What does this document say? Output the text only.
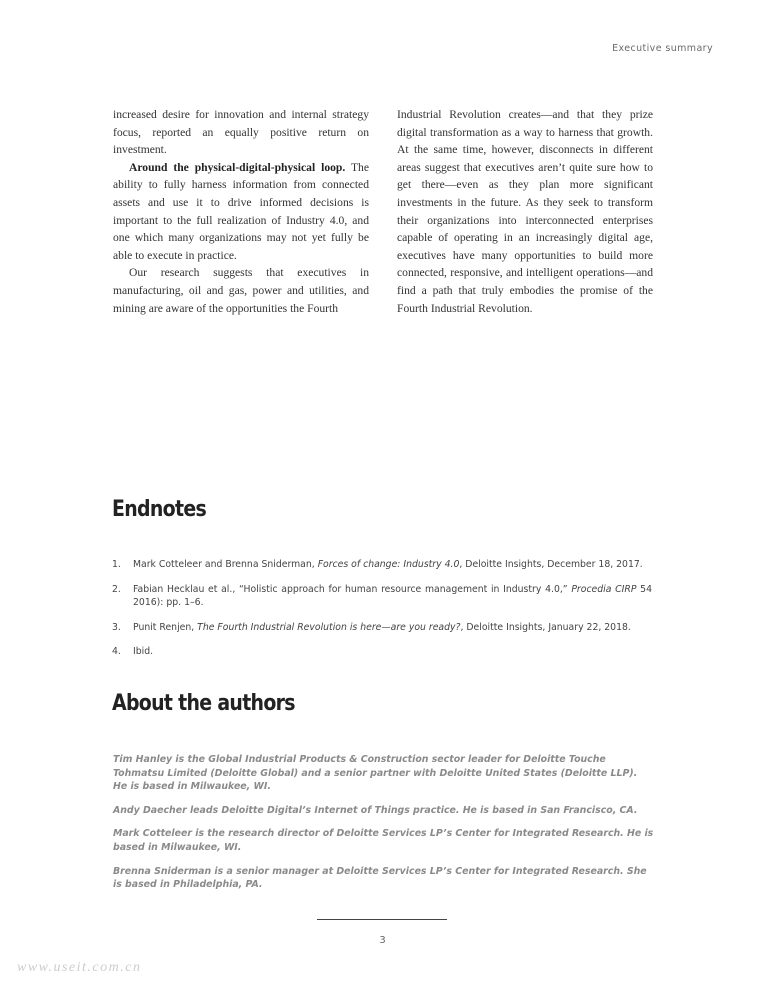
Executive summary

increased desire for innovation and internal strategy focus, reported an equally positive return on investment.

Around the physical-digital-physical loop. The ability to fully harness information from connected assets and use it to drive informed decisions is important to the full realization of Industry 4.0, and one which many organizations may not yet fully be able to execute in practice.

Our research suggests that executives in manufacturing, oil and gas, power and utilities, and mining are aware of the opportunities the Fourth

Industrial Revolution creates—and that they prize digital transformation as a way to harness that growth. At the same time, however, disconnects in different areas suggest that executives aren’t quite sure how to get there—even as they plan more significant investments in the future. As they seek to transform their organizations into interconnected enterprises capable of operating in an increasingly digital age, executives have many opportunities to build more connected, responsive, and intelligent operations—and find a path that truly embodies the promise of the Fourth Industrial Revolution.

Endnotes
1. Mark Cotteleer and Brenna Sniderman, Forces of change: Industry 4.0, Deloitte Insights, December 18, 2017.
2. Fabian Hecklau et al., “Holistic approach for human resource management in Industry 4.0,” Procedia CIRP 54 2016): pp. 1–6.
3. Punit Renjen, The Fourth Industrial Revolution is here—are you ready?, Deloitte Insights, January 22, 2018.
4. Ibid.
About the authors

Tim Hanley is the Global Industrial Products & Construction sector leader for Deloitte Touche Tohmatsu Limited (Deloitte Global) and a senior partner with Deloitte United States (Deloitte LLP).
He is based in Milwaukee, WI.

Andy Daecher leads Deloitte Digital’s Internet of Things practice. He is based in San Francisco, CA.

Mark Cotteleer is the research director of Deloitte Services LP’s Center for Integrated Research. He is based in Milwaukee, WI.

Brenna Sniderman is a senior manager at Deloitte Services LP’s Center for Integrated Research. She is based in Philadelphia, PA.

3
www.useit.com.cn
